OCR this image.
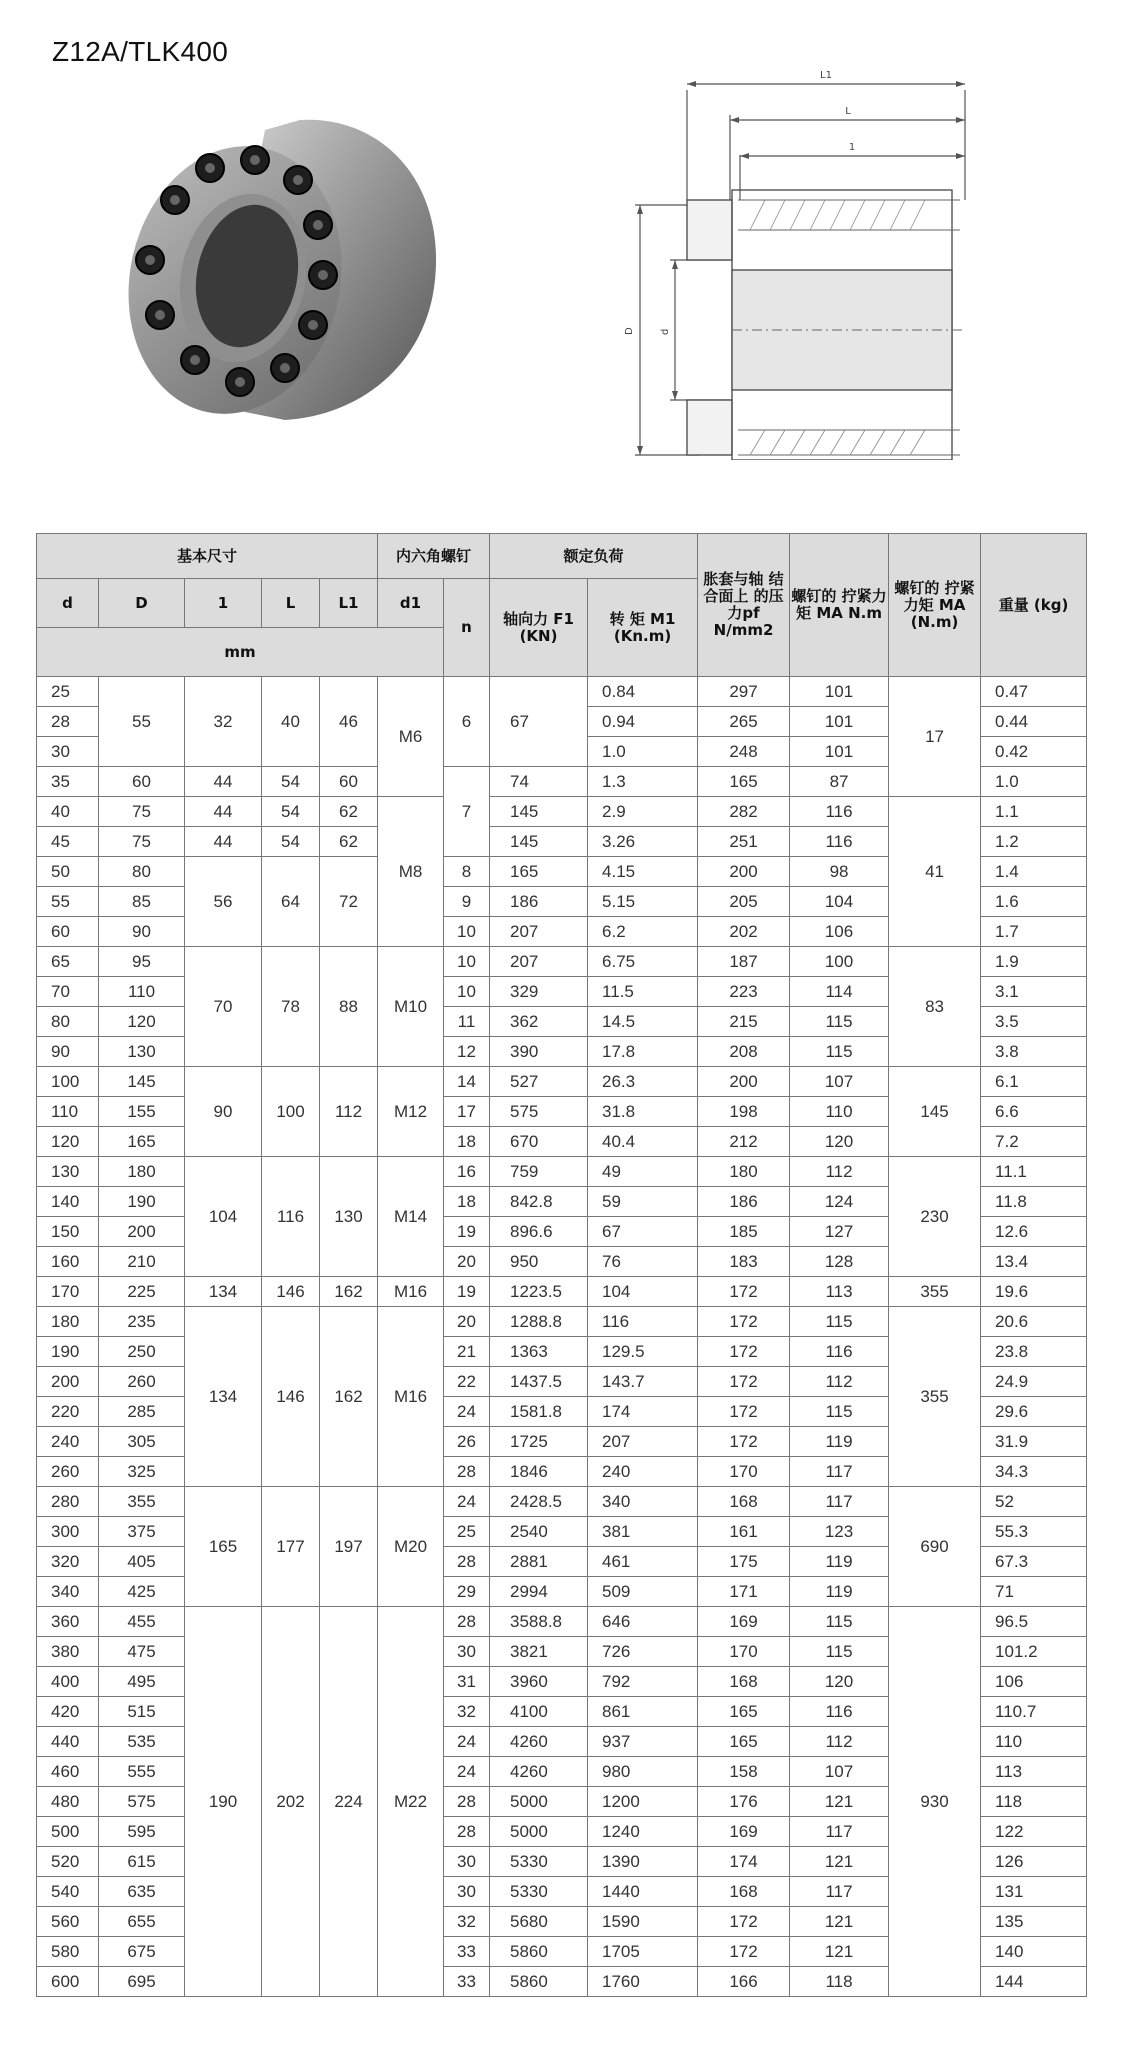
Z12A/TLK400
L1
L
1
D	d
基本尺寸					内六角螺钉		额定负荷		胀套与轴 结合面上 的压力pf N/mm2	螺钉的 拧紧力矩 MA N.m	螺钉的 拧紧 力矩 MA (N.m)	重量 (kg)
d	D	1	L	L1	d1	n	轴向力 F1 (KN)	转 矩 M1 (Kn.m)				
mm												
25	55	32	40	46	M6	6	67	0.84	297	101	17	0.47
28								0.94	265	101		0.44
30								1.0	248	101		0.42
35	60	44	54	60		7	74	1.3	165	87		1.0
40	75	44	54	62	M8		145	2.9	282	116	41	1.1
45	75	44	54	62			145	3.26	251	116		1.2
50	80	56	64	72		8	165	4.15	200	98		1.4
55	85					9	186	5.15	205	104		1.6
60	90					10	207	6.2	202	106		1.7
65	95	70	78	88	M10	10	207	6.75	187	100	83	1.9
70	110					10	329	11.5	223	114		3.1
80	120					11	362	14.5	215	115		3.5
90	130					12	390	17.8	208	115		3.8
100	145	90	100	112	M12	14	527	26.3	200	107	145	6.1
110	155					17	575	31.8	198	110		6.6
120	165					18	670	40.4	212	120		7.2
130	180	104	116	130	M14	16	759	49	180	112	230	11.1
140	190					18	842.8	59	186	124		11.8
150	200					19	896.6	67	185	127		12.6
160	210					20	950	76	183	128		13.4
170	225	134	146	162	M16	19	1223.5	104	172	113	355	19.6
180	235	134	146	162	M16	20	1288.8	116	172	115	355	20.6
190	250					21	1363	129.5	172	116		23.8
200	260					22	1437.5	143.7	172	112		24.9
220	285					24	1581.8	174	172	115		29.6
240	305					26	1725	207	172	119		31.9
260	325					28	1846	240	170	117		34.3
280	355	165	177	197	M20	24	2428.5	340	168	117	690	52
300	375					25	2540	381	161	123		55.3
320	405					28	2881	461	175	119		67.3
340	425					29	2994	509	171	119		71
360	455	190	202	224	M22	28	3588.8	646	169	115	930	96.5
380	475					30	3821	726	170	115		101.2
400	495					31	3960	792	168	120		106
420	515					32	4100	861	165	116		110.7
440	535					24	4260	937	165	112		110
460	555					24	4260	980	158	107		113
480	575					28	5000	1200	176	121		118
500	595					28	5000	1240	169	117		122
520	615					30	5330	1390	174	121		126
540	635					30	5330	1440	168	117		131
560	655					32	5680	1590	172	121		135
580	675					33	5860	1705	172	121		140
600	695					33	5860	1760	166	118		144
